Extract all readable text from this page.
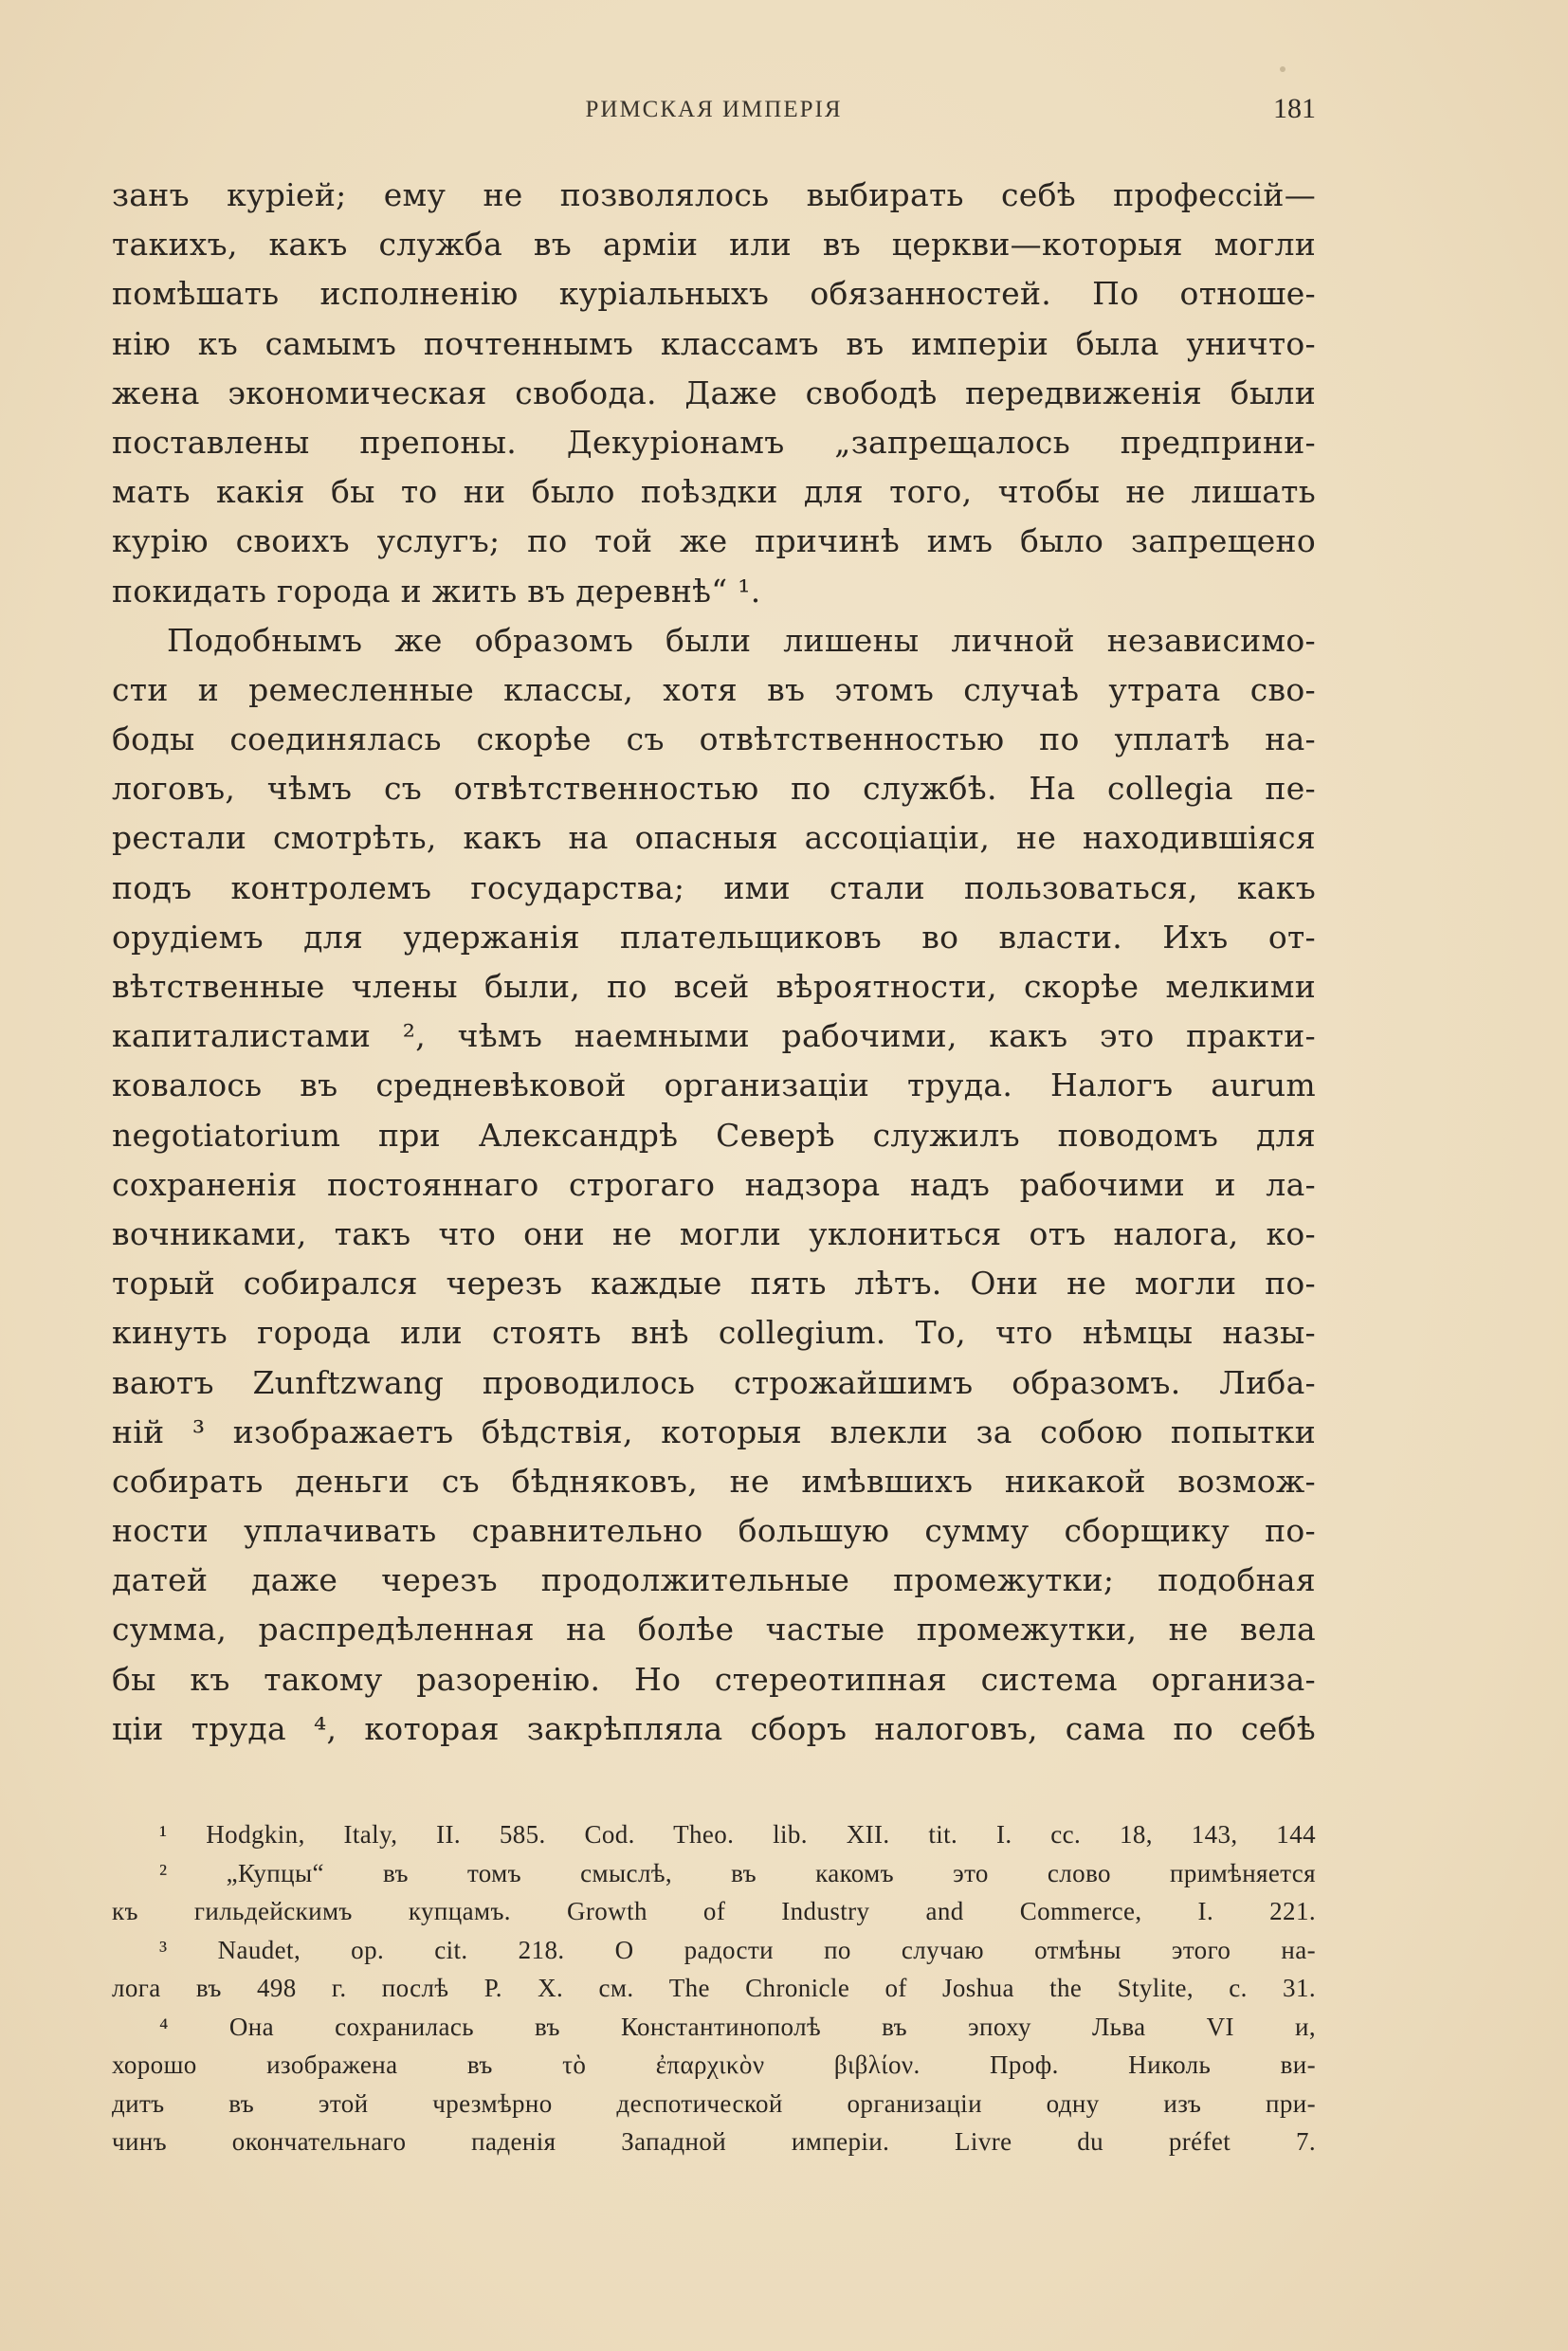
РИМСКАЯ ИМПЕРІЯ	181
занъ куріей; ему не позволялось выбирать себѣ профессій—
такихъ, какъ служба въ арміи или въ церкви—которыя могли
помѣшать исполненію куріальныхъ обязанностей. По отноше-
нію къ самымъ почтеннымъ классамъ въ имперіи была уничто-
жена экономическая свобода. Даже свободѣ передвиженія были
поставлены препоны. Декуріонамъ „запрещалось предприни-
мать какія бы то ни было поѣздки для того, чтобы не лишать
курію своихъ услугъ; по той же причинѣ имъ было запрещено
покидать города и жить въ деревнѣ“ ¹.
Подобнымъ же образомъ были лишены личной независимо-
сти и ремесленные классы, хотя въ этомъ случаѣ утрата сво-
боды соединялась скорѣе съ отвѣтственностью по уплатѣ на-
логовъ, чѣмъ съ отвѣтственностью по службѣ. На collegia пе-
рестали смотрѣть, какъ на опасныя ассоціаціи, не находившіяся
подъ контролемъ государства; ими стали пользоваться, какъ
орудіемъ для удержанія плательщиковъ во власти. Ихъ от-
вѣтственные члены были, по всей вѣроятности, скорѣе мелкими
капиталистами ², чѣмъ наемными рабочими, какъ это практи-
ковалось въ средневѣковой организаціи труда. Налогъ aurum
negotiatorium при Александрѣ Северѣ служилъ поводомъ для
сохраненія постояннаго строгаго надзора надъ рабочими и ла-
вочниками, такъ что они не могли уклониться отъ налога, ко-
торый собирался черезъ каждые пять лѣтъ. Они не могли по-
кинуть города или стоять внѣ collegium. То, что нѣмцы назы-
ваютъ Zunftzwang проводилось строжайшимъ образомъ. Либа-
ній ³ изображаетъ бѣдствія, которыя влекли за собою попытки
собирать деньги съ бѣдняковъ, не имѣвшихъ никакой возмож-
ности уплачивать сравнительно большую сумму сборщику по-
датей даже черезъ продолжительные промежутки; подобная
сумма, распредѣленная на болѣе частые промежутки, не вела
бы къ такому разоренію. Но стереотипная система организа-
ціи труда ⁴, которая закрѣпляла сборъ налоговъ, сама по себѣ
¹ Hodgkin, Italy, II. 585. Cod. Theo. lib. XII. tit. I. cc. 18, 143, 144
² „Купцы“ въ томъ смыслѣ, въ какомъ это слово примѣняется
къ гильдейскимъ купцамъ. Growth of Industry and Commerce, I. 221.
³ Naudet, op. cit. 218. О радости по случаю отмѣны этого на-
лога въ 498 г. послѣ Р. Х. см. The Chronicle of Joshua the Stylite, c. 31.
⁴ Она сохранилась въ Константинополѣ въ эпоху Льва VI и,
хорошо изображена въ τὸ ἐπαρχικὸν βιβλίον. Проф. Николь ви-
дитъ въ этой чрезмѣрно деспотической организаціи одну изъ при-
чинъ окончательнаго паденія Западной имперіи. Livre du préfet 7.
